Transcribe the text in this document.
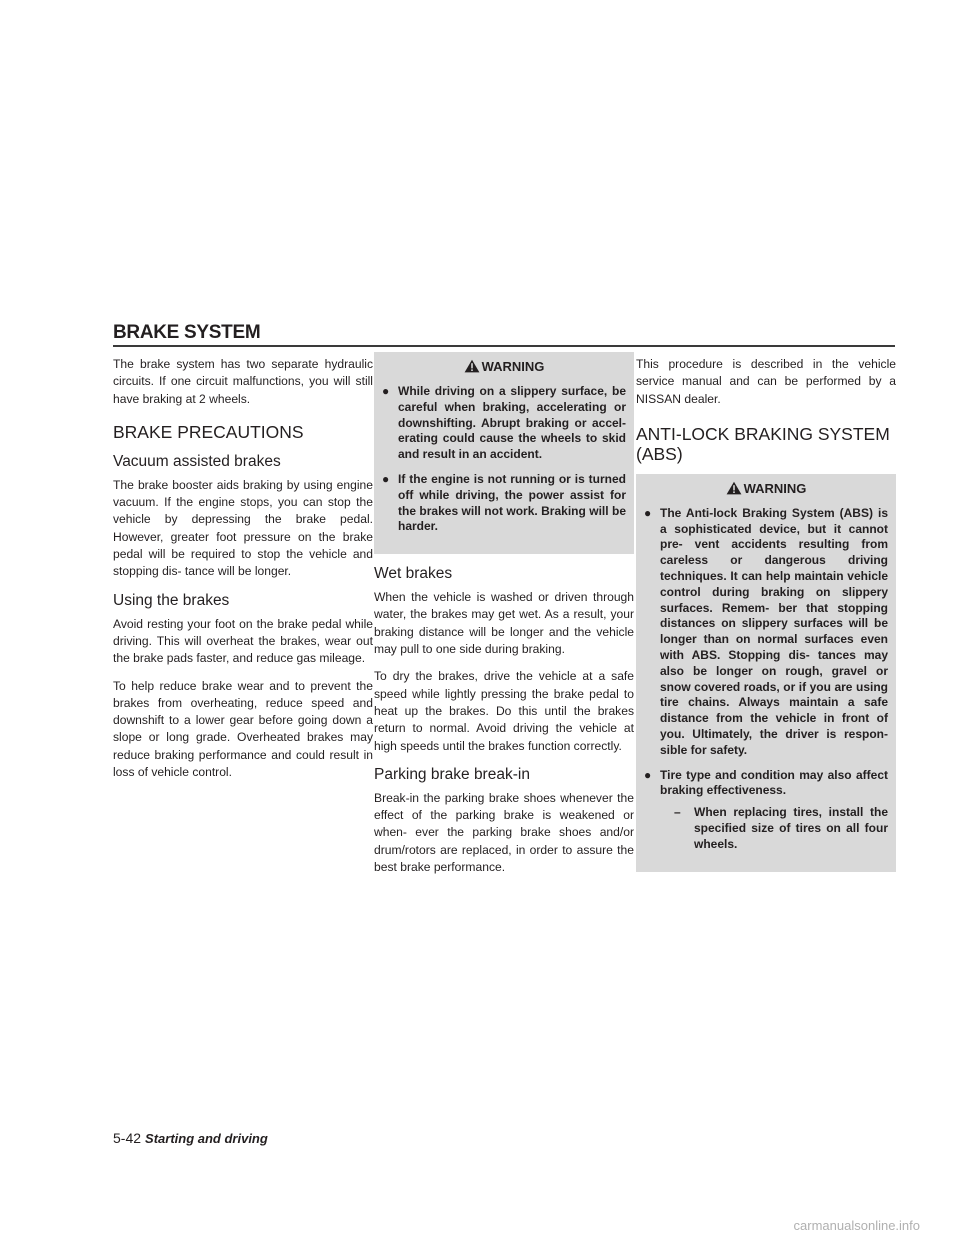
BRAKE SYSTEM

The brake system has two separate hydraulic circuits. If one circuit malfunctions, you will still have braking at 2 wheels.

BRAKE PRECAUTIONS
Vacuum assisted brakes

The brake booster aids braking by using engine vacuum. If the engine stops, you can stop the vehicle by depressing the brake pedal. However, greater foot pressure on the brake pedal will be required to stop the vehicle and stopping dis- tance will be longer.

Using the brakes

Avoid resting your foot on the brake pedal while driving. This will overheat the brakes, wear out the brake pads faster, and reduce gas mileage.

To help reduce brake wear and to prevent the brakes from overheating, reduce speed and downshift to a lower gear before going down a slope or long grade. Overheated brakes may reduce braking performance and could result in loss of vehicle control.

WARNING
● While driving on a slippery surface, be careful when braking, accelerating or downshifting. Abrupt braking or accel- erating could cause the wheels to skid and result in an accident.
● If the engine is not running or is turned off while driving, the power assist for the brakes will not work. Braking will be harder.
Wet brakes

When the vehicle is washed or driven through water, the brakes may get wet. As a result, your braking distance will be longer and the vehicle may pull to one side during braking.

To dry the brakes, drive the vehicle at a safe speed while lightly pressing the brake pedal to heat up the brakes. Do this until the brakes return to normal. Avoid driving the vehicle at high speeds until the brakes function correctly.

Parking brake break-in

Break-in the parking brake shoes whenever the effect of the parking brake is weakened or when- ever the parking brake shoes and/or drum/rotors are replaced, in order to assure the best brake performance.

This procedure is described in the vehicle service manual and can be performed by a NISSAN dealer.

ANTI-LOCK BRAKING SYSTEM (ABS)
WARNING
● The Anti-lock Braking System (ABS) is a sophisticated device, but it cannot pre- vent accidents resulting from careless or dangerous driving techniques. It can help maintain vehicle control during braking on slippery surfaces. Remem- ber that stopping distances on slippery surfaces will be longer than on normal surfaces even with ABS. Stopping dis- tances may also be longer on rough, gravel or snow covered roads, or if you are using tire chains. Always maintain a safe distance from the vehicle in front of you. Ultimately, the driver is respon- sible for safety.
● Tire type and condition may also affect braking effectiveness.
– When replacing tires, install the specified size of tires on all four wheels.
5-42 Starting and driving
carmanualsonline.info
